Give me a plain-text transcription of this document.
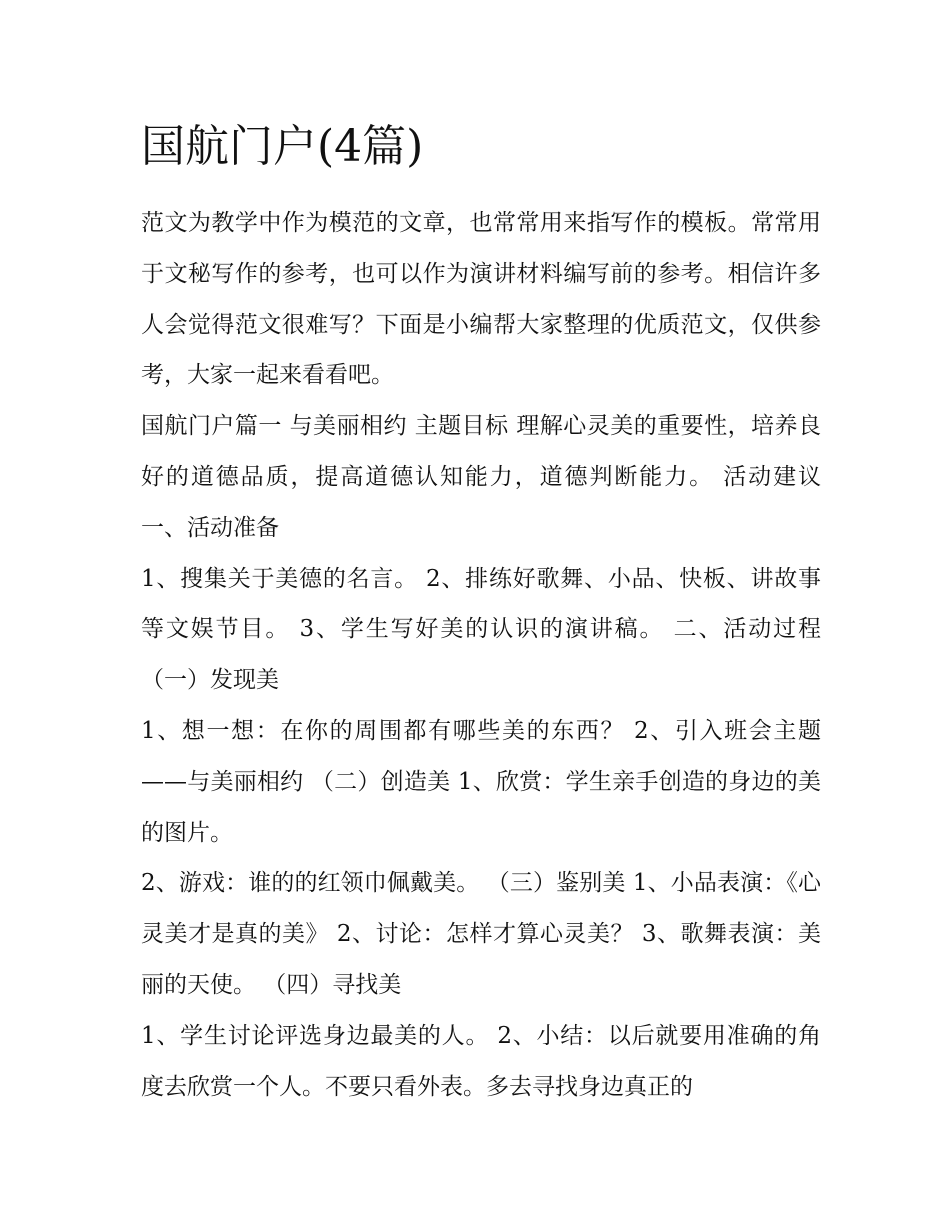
国航门户(4篇)

范文为教学中作为模范的文章，也常常用来指写作的模板。常常用于文秘写作的参考，也可以作为演讲材料编写前的参考。相信许多人会觉得范文很难写？下面是小编帮大家整理的优质范文，仅供参考，大家一起来看看吧。

国航门户篇一 与美丽相约 主题目标 理解心灵美的重要性，培养良好的道德品质，提高道德认知能力，道德判断能力。 活动建议 一、活动准备

1、搜集关于美德的名言。 2、排练好歌舞、小品、快板、讲故事等文娱节目。 3、学生写好美的认识的演讲稿。 二、活动过程 （一）发现美

1、想一想：在你的周围都有哪些美的东西？ 2、引入班会主题——与美丽相约 （二）创造美 1、欣赏：学生亲手创造的身边的美的图片。

2、游戏：谁的的红领巾佩戴美。 （三）鉴别美 1、小品表演：《心灵美才是真的美》 2、讨论：怎样才算心灵美？ 3、歌舞表演：美丽的天使。 （四）寻找美

1、学生讨论评选身边最美的人。 2、小结：以后就要用准确的角度去欣赏一个人。不要只看外表。多去寻找身边真正的
